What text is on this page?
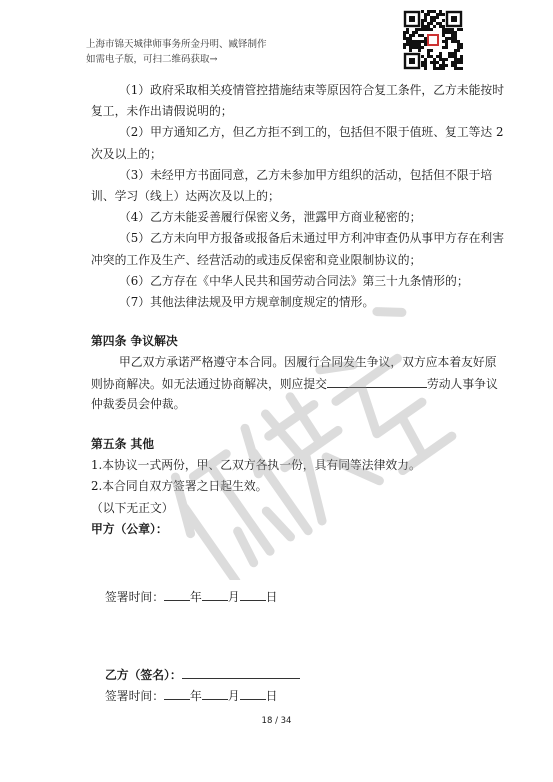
上海市锦天城律师事务所金丹明、臧铎制作
如需电子版，可扫二维码获取→
（1）政府采取相关疫情管控措施结束等原因符合复工条件，乙方未能按时
复工，未作出请假说明的；
（2）甲方通知乙方，但乙方拒不到工的，包括但不限于值班、复工等达 2
次及以上的；
（3）未经甲方书面同意，乙方未参加甲方组织的活动，包括但不限于培
训、学习（线上）达两次及以上的；
（4）乙方未能妥善履行保密义务，泄露甲方商业秘密的；
（5）乙方未向甲方报备或报备后未通过甲方利冲审查仍从事甲方存在利害
冲突的工作及生产、经营活动的或违反保密和竞业限制协议的；
（6）乙方存在《中华人民共和国劳动合同法》第三十九条情形的；
（7）其他法律法规及甲方规章制度规定的情形。
第四条 争议解决
甲乙双方承诺严格遵守本合同。因履行合同发生争议，双方应本着友好原
则协商解决。如无法通过协商解决，则应提交	劳动人事争议
仲裁委员会仲裁。
第五条 其他
1.本协议一式两份，甲、乙双方各执一份，具有同等法律效力。
2.本合同自双方签署之日起生效。
（以下无正文）
甲方（公章）：
签署时间： 年 月 日
乙方（签名）：
签署时间： 年 月 日
18 / 34
